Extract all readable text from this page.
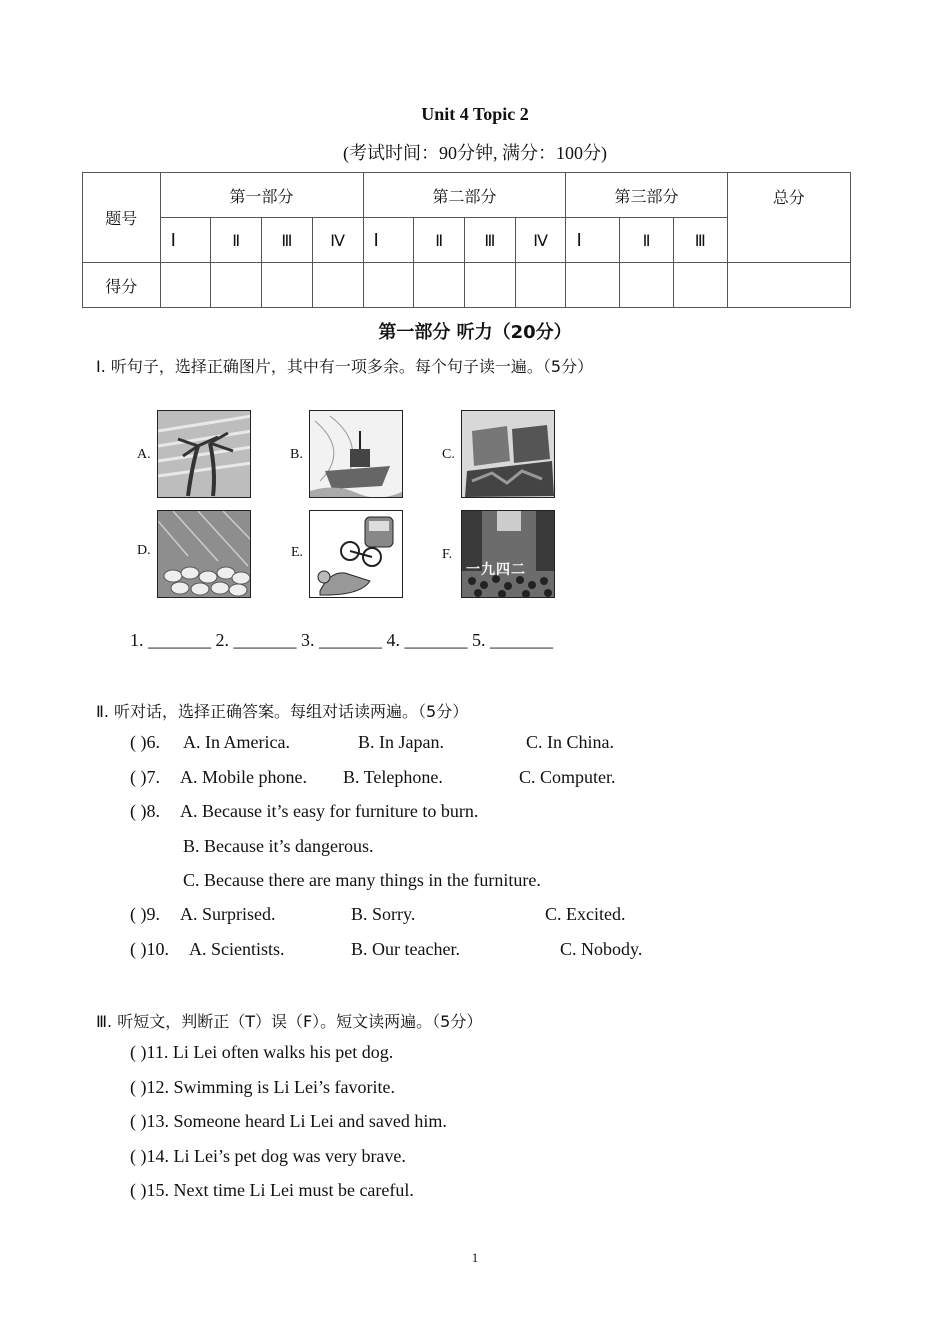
Unit 4 Topic 2
(考试时间：90分钟, 满分：100分)
题号	第一部分				第二部分				第三部分			总分
	Ⅰ	Ⅱ	Ⅲ	Ⅳ	Ⅰ	Ⅱ	Ⅲ	Ⅳ	Ⅰ	Ⅱ	Ⅲ	
得分												
第一部分 听力（20分）
Ⅰ. 听句子，选择正确图片，其中有一项多余。每个句子读一遍。（5分）
A.	B.	C.
D.	E.	F.
一九四二
1. _______ 2. _______ 3. _______ 4. _______ 5. _______
Ⅱ. 听对话，选择正确答案。每组对话读两遍。（5分）
( )6. A. In America.	B. In Japan.	C. In China.
( )7. A. Mobile phone. B. Telephone.	C. Computer.
( )8. A. Because it’s easy for furniture to burn.
B. Because it’s dangerous.
C. Because there are many things in the furniture.
( )9. A. Surprised.	B. Sorry.	C. Excited.
( )10. A. Scientists.	B. Our teacher.	C. Nobody.
Ⅲ. 听短文，判断正（T）误（F）。短文读两遍。（5分）
( )11. Li Lei often walks his pet dog.
( )12. Swimming is Li Lei’s favorite.
( )13. Someone heard Li Lei and saved him.
( )14. Li Lei’s pet dog was very brave.
( )15. Next time Li Lei must be careful.
1
